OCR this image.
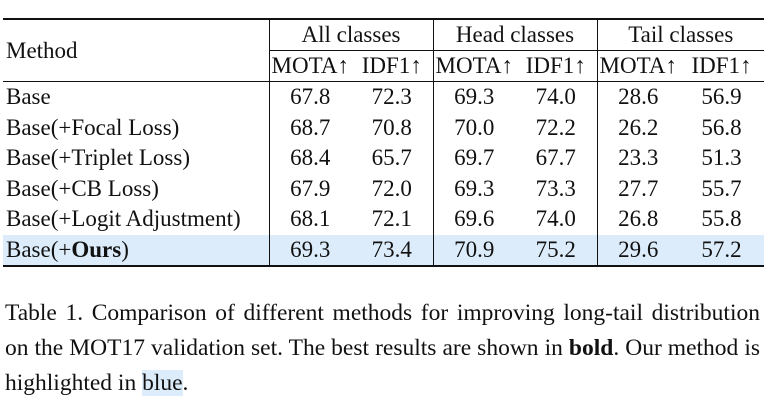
Method	All classes		Head classes		Tail classes	
	MOTA↑	IDF1↑	MOTA↑	IDF1↑	MOTA↑	IDF1↑
Base	67.8	72.3	69.3	74.0	28.6	56.9
Base(+Focal Loss)	68.7	70.8	70.0	72.2	26.2	56.8
Base(+Triplet Loss)	68.4	65.7	69.7	67.7	23.3	51.3
Base(+CB Loss)	67.9	72.0	69.3	73.3	27.7	55.7
Base(+Logit Adjustment)	68.1	72.1	69.6	74.0	26.8	55.8
Base(+Ours)	69.3	73.4	70.9	75.2	29.6	57.2
Table 1. Comparison of different methods for improving long-tail distribution on the MOT17 validation set. The best results are shown in bold. Our method is highlighted in blue.
